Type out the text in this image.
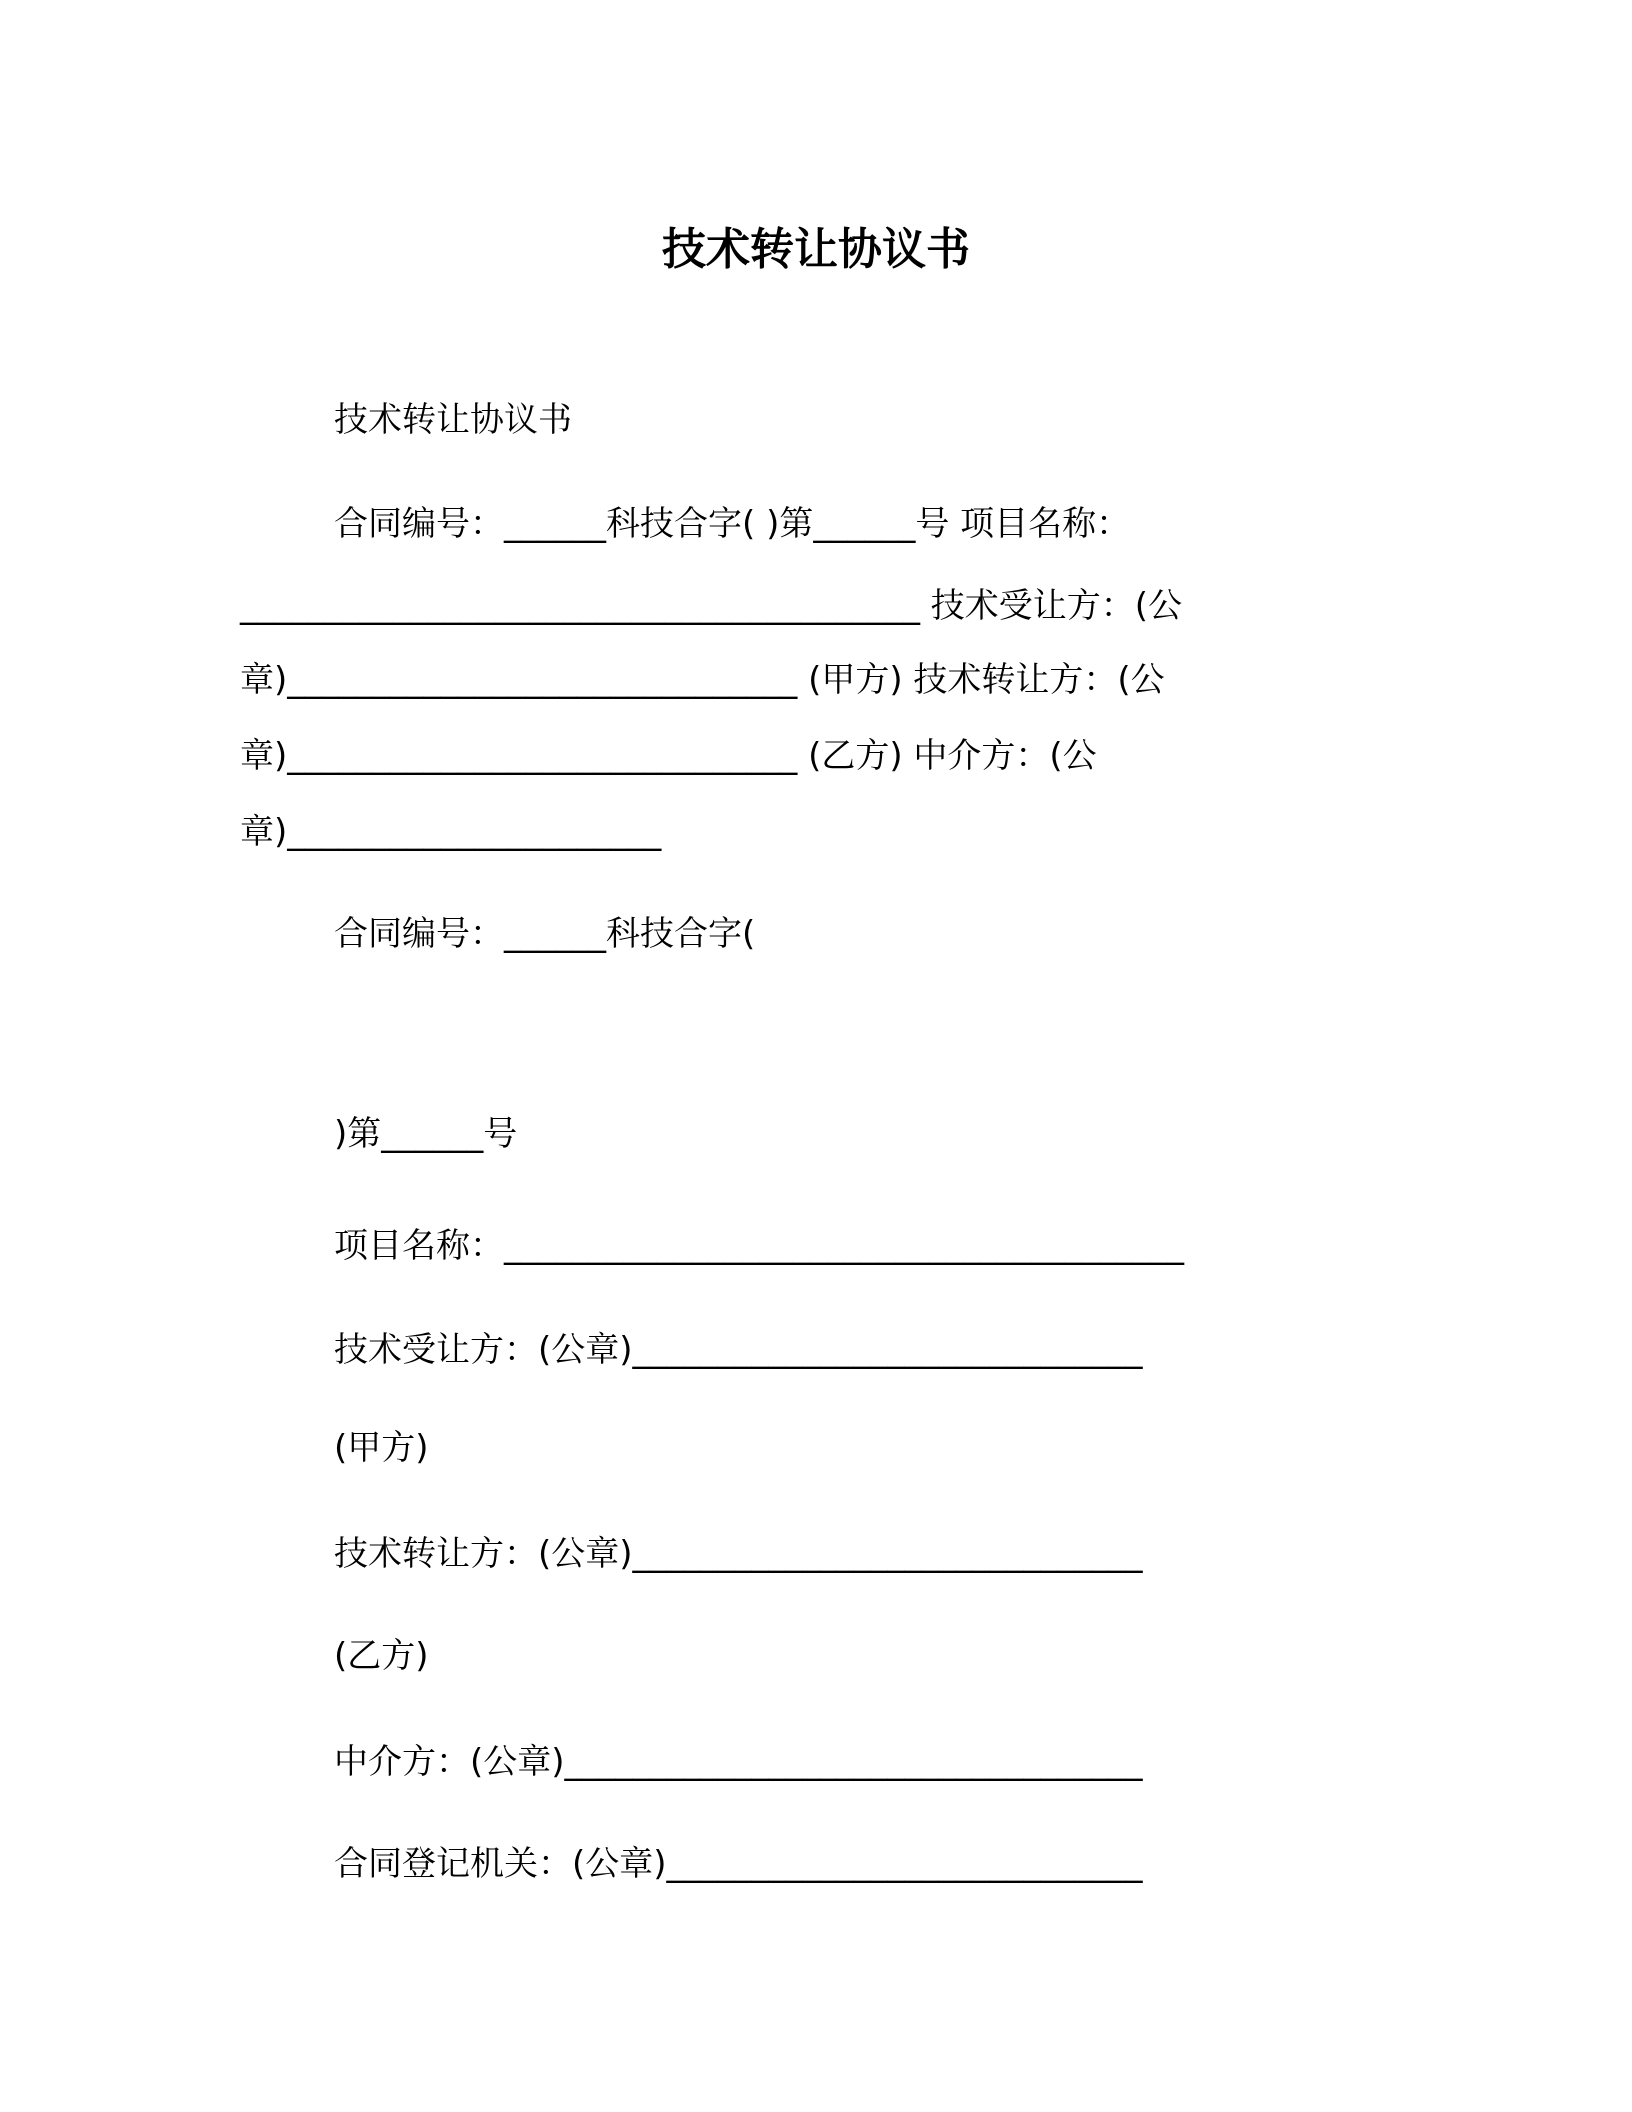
技术转让协议书
技术转让协议书
合同编号：______科技合字( )第______号 项目名称：
________________________________________ 技术受让方：(公
章)______________________________ (甲方) 技术转让方：(公
章)______________________________ (乙方) 中介方：(公
章)______________________
合同编号：______科技合字(
)第______号
项目名称：________________________________________
技术受让方：(公章)______________________________
(甲方)
技术转让方：(公章)______________________________
(乙方)
中介方：(公章)__________________________________
合同登记机关：(公章)____________________________
